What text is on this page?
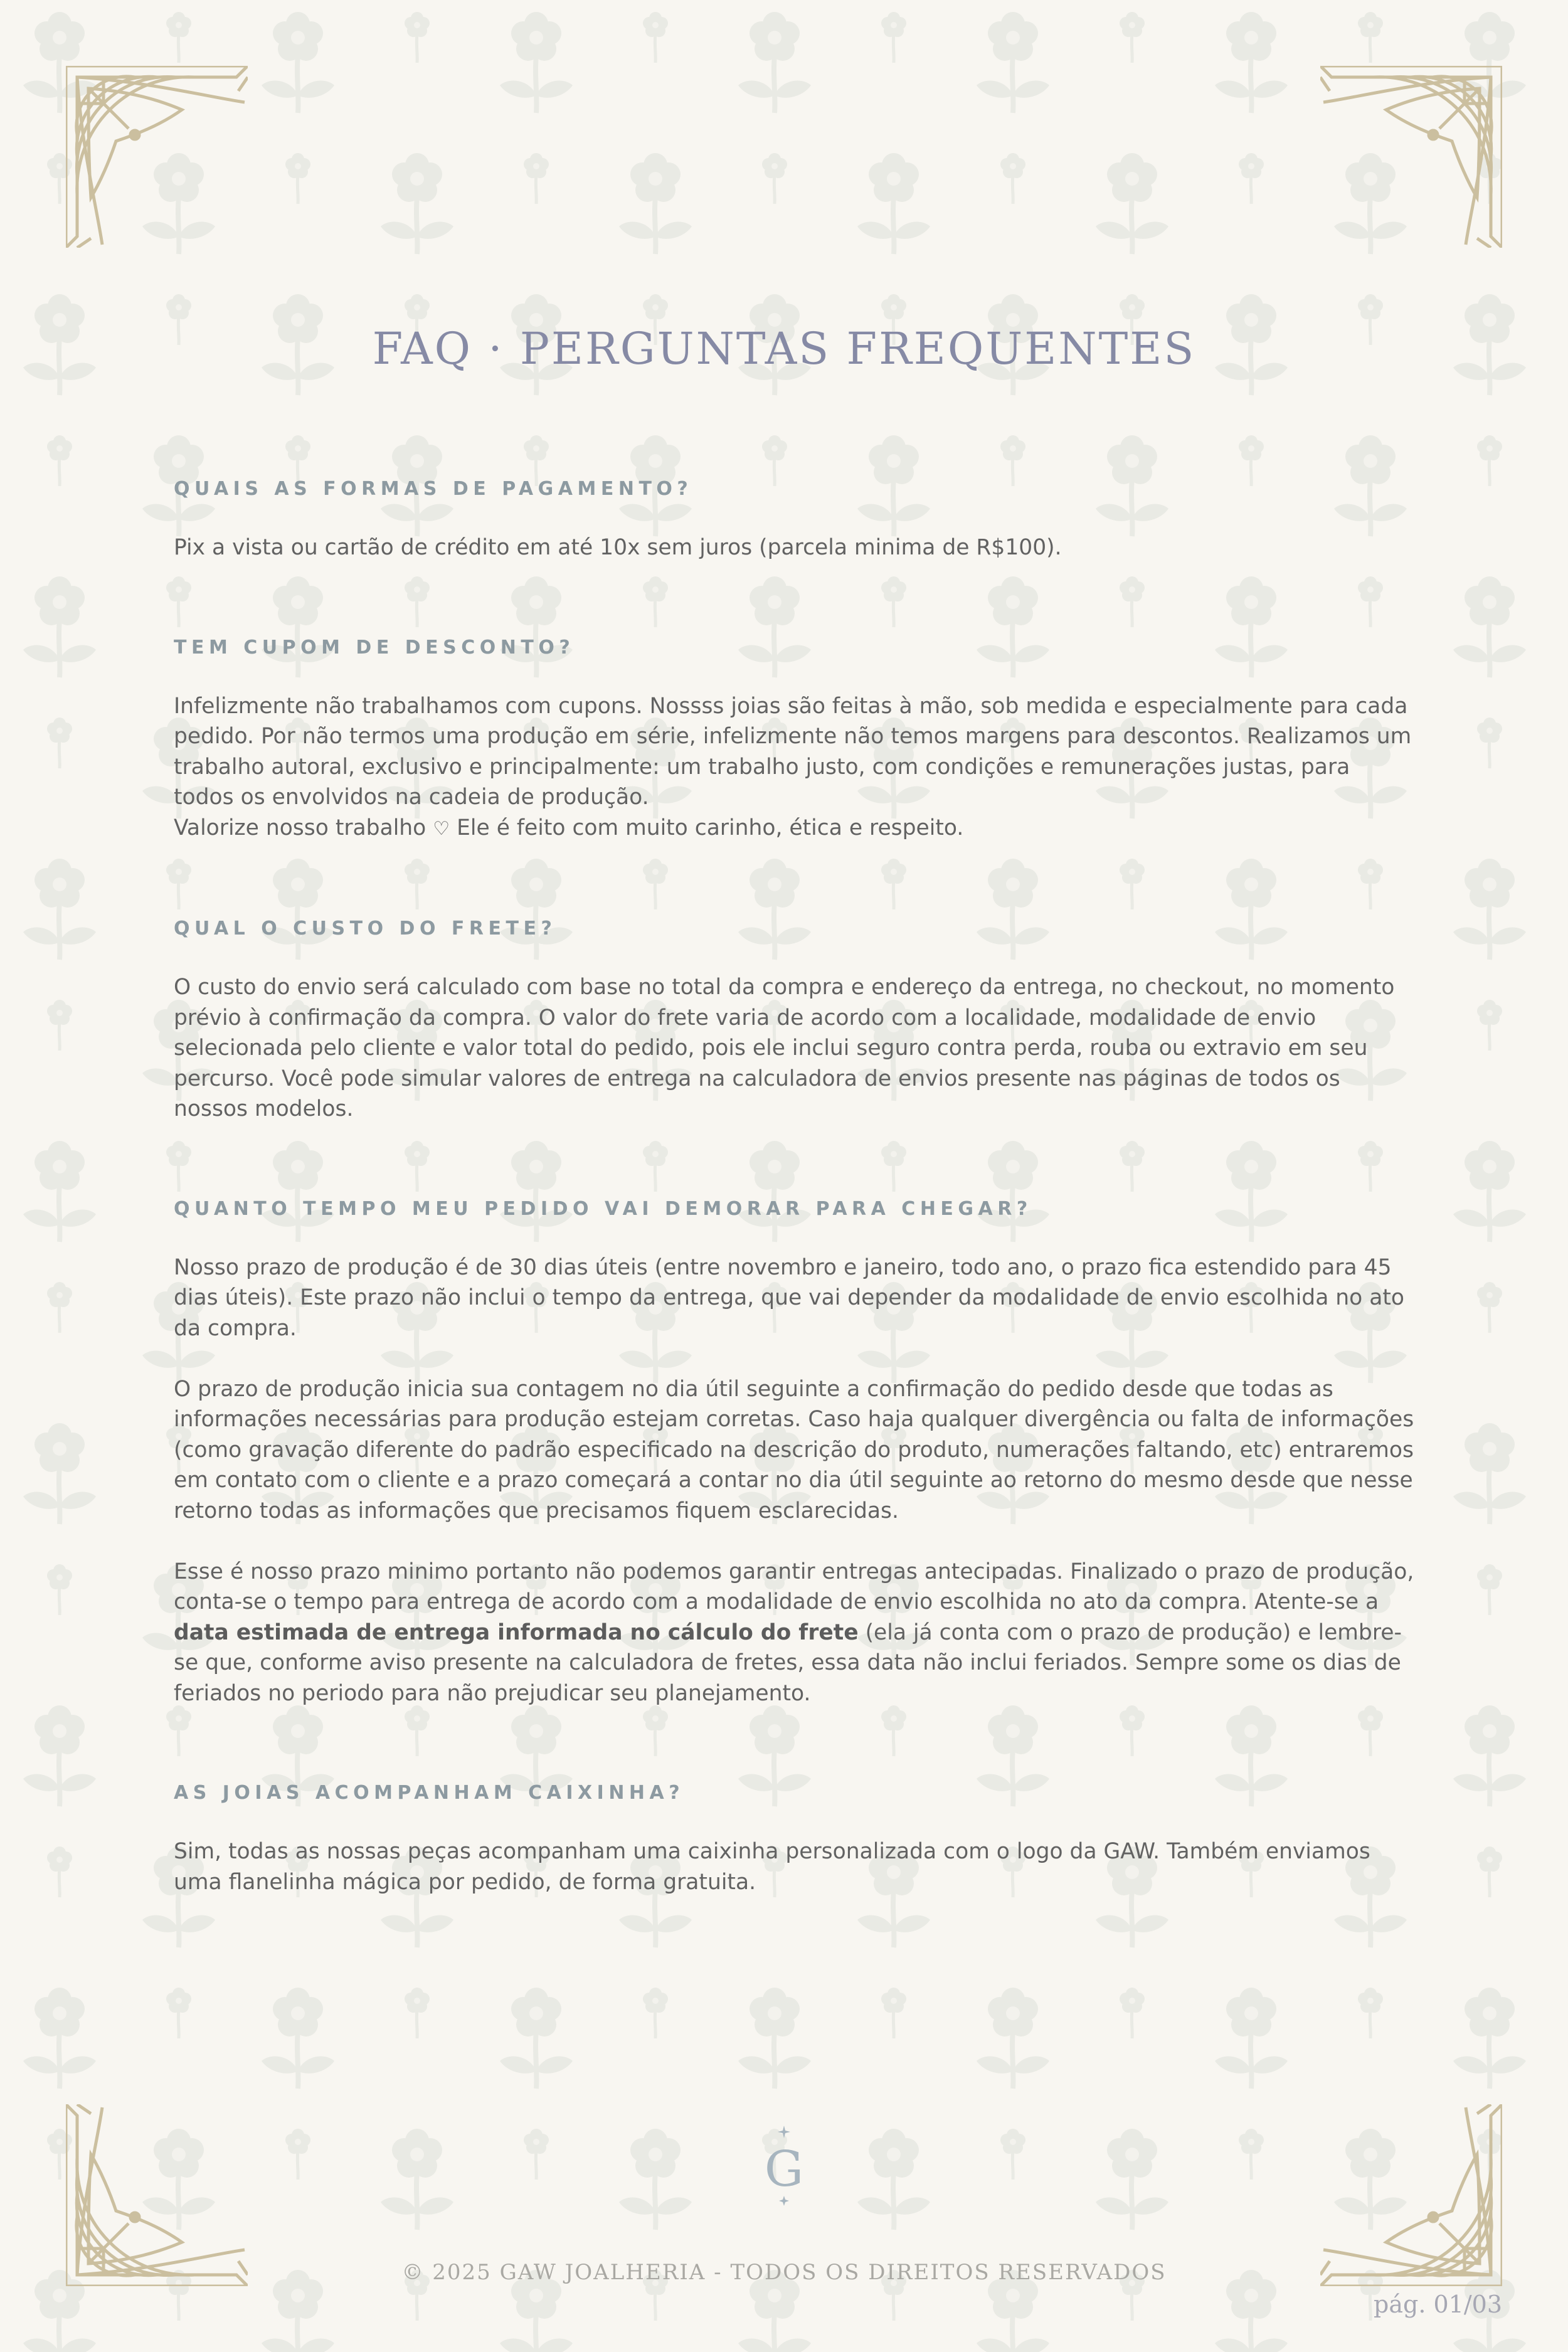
FAQ · PERGUNTAS FREQUENTES
QUAIS AS FORMAS DE PAGAMENTO?

Pix a vista ou cartão de crédito em até 10x sem juros (parcela minima de R$100).

TEM CUPOM DE DESCONTO?

Infelizmente não trabalhamos com cupons. Nossss joias são feitas à mão, sob medida e especialmente para cada pedido. Por não termos uma produção em série, infelizmente não temos margens para descontos. Realizamos um trabalho autoral, exclusivo e principalmente: um trabalho justo, com condições e remunerações justas, para todos os envolvidos na cadeia de produção.
Valorize nosso trabalho ♡ Ele é feito com muito carinho, ética e respeito.

QUAL O CUSTO DO FRETE?

O custo do envio será calculado com base no total da compra e endereço da entrega, no checkout, no momento prévio à confirmação da compra. O valor do frete varia de acordo com a localidade, modalidade de envio selecionada pelo cliente e valor total do pedido, pois ele inclui seguro contra perda, rouba ou extravio em seu percurso. Você pode simular valores de entrega na calculadora de envios presente nas páginas de todos os nossos modelos.

QUANTO TEMPO MEU PEDIDO VAI DEMORAR PARA CHEGAR?

Nosso prazo de produção é de 30 dias úteis (entre novembro e janeiro, todo ano, o prazo fica estendido para 45 dias úteis). Este prazo não inclui o tempo da entrega, que vai depender da modalidade de envio escolhida no ato da compra.

O prazo de produção inicia sua contagem no dia útil seguinte a confirmação do pedido desde que todas as informações necessárias para produção estejam corretas. Caso haja qualquer divergência ou falta de informações (como gravação diferente do padrão especificado na descrição do produto, numerações faltando, etc) entraremos em contato com o cliente e a prazo começará a contar no dia útil seguinte ao retorno do mesmo desde que nesse retorno todas as informações que precisamos fiquem esclarecidas.

Esse é nosso prazo minimo portanto não podemos garantir entregas antecipadas. Finalizado o prazo de produção, conta-se o tempo para entrega de acordo com a modalidade de envio escolhida no ato da compra. Atente-se a data estimada de entrega informada no cálculo do frete (ela já conta com o prazo de produção) e lembre-se que, conforme aviso presente na calculadora de fretes, essa data não inclui feriados. Sempre some os dias de feriados no periodo para não prejudicar seu planejamento.

AS JOIAS ACOMPANHAM CAIXINHA?

Sim, todas as nossas peças acompanham uma caixinha personalizada com o logo da GAW. Também enviamos uma flanelinha mágica por pedido, de forma gratuita.

G
© 2025 GAW JOALHERIA - TODOS OS DIREITOS RESERVADOS
pág. 01/03
